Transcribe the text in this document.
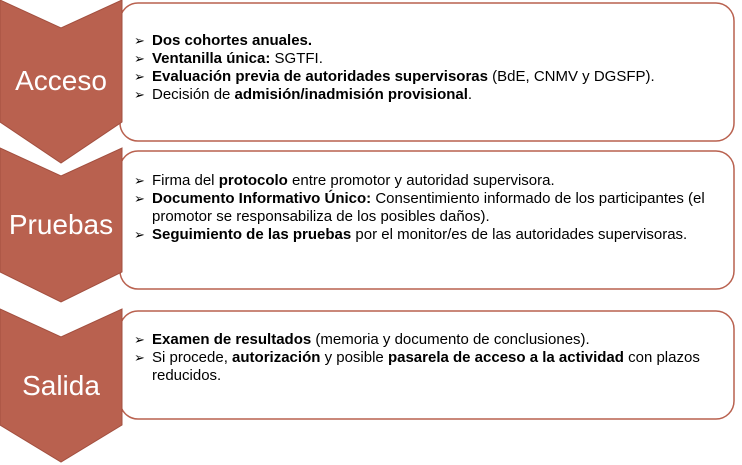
Acceso
Pruebas
Salida
➢ Dos cohortes anuales.
➢ Ventanilla única: SGTFI.
➢ Evaluación previa de autoridades supervisoras (BdE, CNMV y DGSFP).
➢ Decisión de admisión/inadmisión provisional.
➢ Firma del protocolo entre promotor y autoridad supervisora.
➢ Documento Informativo Único: Consentimiento informado de los participantes (el promotor se responsabiliza de los posibles daños).
➢ Seguimiento de las pruebas por el monitor/es de las autoridades supervisoras.
➢ Examen de resultados (memoria y documento de conclusiones).
➢ Si procede, autorización y posible pasarela de acceso a la actividad con plazos reducidos.
